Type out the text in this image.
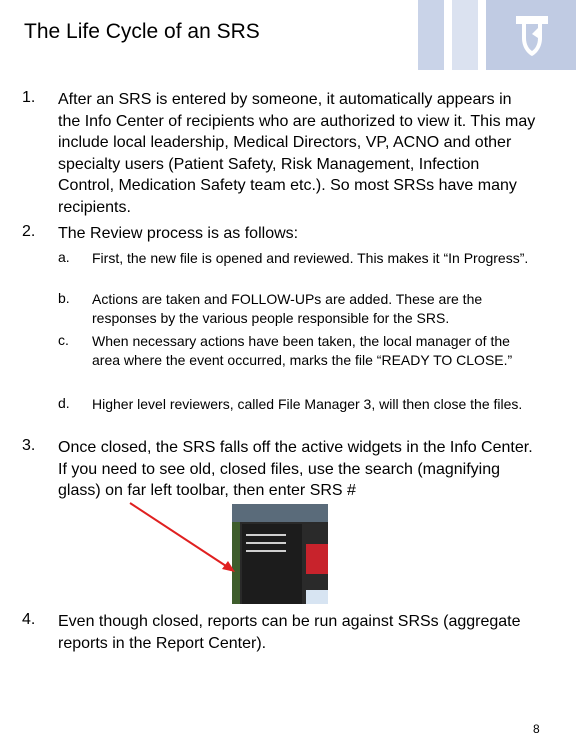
The Life Cycle of an SRS
1. After an SRS is entered by someone, it automatically appears in the Info Center of recipients who are authorized to view it. This may include local leadership, Medical Directors, VP, ACNO and other specialty users (Patient Safety, Risk Management, Infection Control, Medication Safety team etc.). So most SRSs have many recipients.

2. The Review process is as follows:

a. First, the new file is opened and reviewed. This makes it “In Progress”.

b. Actions are taken and FOLLOW-UPs are added. These are the responses by the various people responsible for the SRS.

c. When necessary actions have been taken, the local manager of the area where the event occurred, marks the file “READY TO CLOSE.”

d. Higher level reviewers, called File Manager 3, will then close the files.

3. Once closed, the SRS falls off the active widgets in the Info Center. If you need to see old, closed files, use the search (magnifying glass) on far left toolbar, then enter SRS #

4. Even though closed, reports can be run against SRSs (aggregate reports in the Report Center).

8
